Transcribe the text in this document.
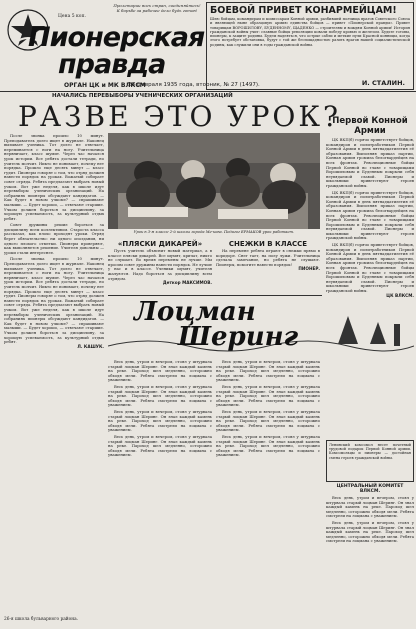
Пролетарии всех стран, соединяйтесь! К борьбе за рабочее дело будь готов!
Цена 5 коп.
Пионерская
правда
ОРГАН ЦК и МК ВЛКСМ
26 февраля 1935 года, вторник, № 27 (1497).
БОЕВОЙ ПРИВЕТ КОНАРМЕЙЦАМ!
Шлю бойцам, командирам и комиссарам Конной армии, разбившей полчища врагов Советского Союза и являющей ныне образцовую армию единства бойцов — привет «Пионерской правды». Привет товарищам ВОРОШИЛОВУ, БУДЕННОМУ, ЩАДЕНКО — строителям и вождям Конной армии! История гражданской войны учит: славные бойцы революции ковали победу кровью и железом. Будьте готовы, пионеры, к защите родины. Будем надеяться, что острые сабли и меткие пули Красной конницы, когда этого потребует обстановка, будут с той же беспощадностью разить врагов нашей социалистической родины, как служили они в годы гражданской войны.
И. СТАЛИН.
НАЧАЛИСЬ ПЕРЕВЫБОРЫ УЧЕНИЧЕСКИХ ОРГАНИЗАЦИЙ
РАЗВЕ ЭТО УРОК?

После звонка прошло 10 минут. Преподаватель долго ищет в журнале. Наконец вызывает ученика. Тот долго не отвечает, переминается с ноги на ногу. Учительница нервничает, класс шумит. Через час начался урок истории. Все ребята достали тетради, но учитель молчит. Никто не понимает, почему нет порядка. Прошло еще десять минут — класс гудит. Пионеры говорят о том, что отряд должен навести порядок на уроках. Вожатый собирает совет отряда. Ребята предлагают выбрать новый учком. Вот уже неделя, как в школе идут перевыборы ученических организаций. На собраниях пионеры обсуждают кандидатов. — Как будет в новом учкоме? — спрашивают малыши. — Будет хорошо, — отвечают старшие. Учком должен бороться за дисциплину, за хорошую успеваемость, за культурный отдых ребят.

Совет дружины решил бороться за дисциплину всем коллективом. Староста класса рассказал, как плохо проходят уроки. Отряд берет обязательство: ни одного опоздания, ни одного плохого отметки. Пионеры проверяют, как выполняется решение. Учителя довольны — уроки стали интереснее.

После звонка прошло 10 минут. Преподаватель долго ищет в журнале. Наконец вызывает ученика. Тот долго не отвечает, переминается с ноги на ногу. Учительница нервничает, класс шумит. Через час начался урок истории. Все ребята достали тетради, но учитель молчит. Никто не понимает, почему нет порядка. Прошло еще десять минут — класс гудит. Пионеры говорят о том, что отряд должен навести порядок на уроках. Вожатый собирает совет отряда. Ребята предлагают выбрать новый учком. Вот уже неделя, как в школе идут перевыборы ученических организаций. На собраниях пионеры обсуждают кандидатов. — Как будет в новом учкоме? — спрашивают малыши. — Будет хорошо, — отвечают старшие. Учком должен бороться за дисциплину, за хорошую успеваемость, за культурный отдых ребят.

Л. КАШУК.
Урок в 3-м классе 2-й школы города Ме-кова. Педагог ЕРМАКОВ урок работает.
«ПЛЯСКИ ДИКАРЕЙ»

Пусть учитель объяснит новый материал, а в классе пляски дикарей. Все шумят, кричат, никто не слушает. Во время перемены не лучше. Мы просим совет дружины навести порядок. Не лучше у нас и в классе. Ученики шумят, учителя жалуются. Надо бороться за дисциплину всем отрядом.

Деткор МАКСИМОВ.
СНЕЖКИ В КЛАССЕ

На перемене ребята играют в снежки прямо в коридоре. Снег тает, на полу лужи. Учительница сделала замечание, но ребята не слушают. Пионеры, помогите навести порядок!

ПИОНЕР.
Первой Конной Армии

ЦК ВКП(б) горячо приветствует бойцов, командиров и политработников Первой Конной Армии в день пятнадцатилетия её образования. Выполняя приказ партии, Конная армия громила белогвардейцев на всех фронтах. Революционные бойцы Первой Конной во главе с товарищами Ворошиловым и Буденным покрыли себя неувядаемой славой. Пионеры и школьники приветствуют героев гражданской войны.

ЦК ВКП(б) горячо приветствует бойцов, командиров и политработников Первой Конной Армии в день пятнадцатилетия её образования. Выполняя приказ партии, Конная армия громила белогвардейцев на всех фронтах. Революционные бойцы Первой Конной во главе с товарищами Ворошиловым и Буденным покрыли себя неувядаемой славой. Пионеры и школьники приветствуют героев гражданской войны.

ЦК ВКП(б) горячо приветствует бойцов, командиров и политработников Первой Конной Армии в день пятнадцатилетия её образования. Выполняя приказ партии, Конная армия громила белогвардейцев на всех фронтах. Революционные бойцы Первой Конной во главе с товарищами Ворошиловым и Буденным покрыли себя неувядаемой славой. Пионеры и школьники приветствуют героев гражданской войны.

ЦК ВЛКСМ.
Ленинский комсомол несет почетный трудовой подарок Первой Конной армии. Комсомольцы и пионеры — достойная смена героев гражданской войны.
ЦЕНТРАЛЬНЫЙ КОМИТЕТ ВЛКСМ.
Лоцман
Шеринг

Весь день, утром и вечером, стоял у штурвала старый лоцман Шеринг. Он знал каждый камень на реке. Пароход шел медленно, осторожно обходя мели. Ребята смотрели на лоцмана с уважением.

Весь день, утром и вечером, стоял у штурвала старый лоцман Шеринг. Он знал каждый камень на реке. Пароход шел медленно, осторожно обходя мели. Ребята смотрели на лоцмана с уважением.

Весь день, утром и вечером, стоял у штурвала старый лоцман Шеринг. Он знал каждый камень на реке. Пароход шел медленно, осторожно обходя мели. Ребята смотрели на лоцмана с уважением.

Весь день, утром и вечером, стоял у штурвала старый лоцман Шеринг. Он знал каждый камень на реке. Пароход шел медленно, осторожно обходя мели. Ребята смотрели на лоцмана с уважением.

Весь день, утром и вечером, стоял у штурвала старый лоцман Шеринг. Он знал каждый камень на реке. Пароход шел медленно, осторожно обходя мели. Ребята смотрели на лоцмана с уважением.

Весь день, утром и вечером, стоял у штурвала старый лоцман Шеринг. Он знал каждый камень на реке. Пароход шел медленно, осторожно обходя мели. Ребята смотрели на лоцмана с уважением.

Весь день, утром и вечером, стоял у штурвала старый лоцман Шеринг. Он знал каждый камень на реке. Пароход шел медленно, осторожно обходя мели. Ребята смотрели на лоцмана с уважением.

Весь день, утром и вечером, стоял у штурвала старый лоцман Шеринг. Он знал каждый камень на реке. Пароход шел медленно, осторожно обходя мели. Ребята смотрели на лоцмана с уважением.

Весь день, утром и вечером, стоял у штурвала старый лоцман Шеринг. Он знал каждый камень на реке. Пароход шел медленно, осторожно обходя мели. Ребята смотрели на лоцмана с уважением.

Весь день, утром и вечером, стоял у штурвала старый лоцман Шеринг. Он знал каждый камень на реке. Пароход шел медленно, осторожно обходя мели. Ребята смотрели на лоцмана с уважением.

26-я школа бульварного района.
